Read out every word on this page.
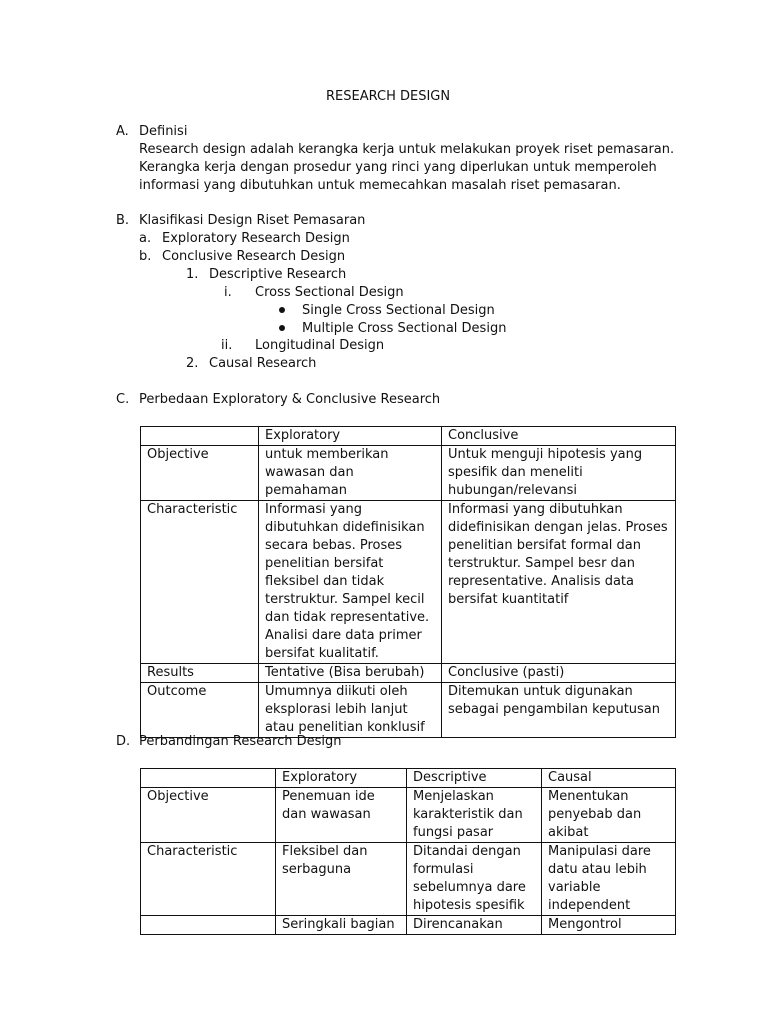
RESEARCH DESIGN
A. Definisi
Research design adalah kerangka kerja untuk melakukan proyek riset pemasaran.
Kerangka kerja dengan prosedur yang rinci yang diperlukan untuk memperoleh
informasi yang dibutuhkan untuk memecahkan masalah riset pemasaran.
B. Klasifikasi Design Riset Pemasaran
a. Exploratory Research Design
b. Conclusive Research Design
1. Descriptive Research
i. Cross Sectional Design
Single Cross Sectional Design
Multiple Cross Sectional Design
ii. Longitudinal Design
2. Causal Research
C. Perbedaan Exploratory & Conclusive Research
	Exploratory	Conclusive
Objective	untuk memberikan wawasan dan pemahaman	Untuk menguji hipotesis yang spesifik dan meneliti hubungan/relevansi
Characteristic	Informasi yang dibutuhkan didefinisikan secara bebas. Proses penelitian bersifat fleksibel dan tidak terstruktur. Sampel kecil dan tidak representative. Analisi dare data primer bersifat kualitatif.	Informasi yang dibutuhkan didefinisikan dengan jelas. Proses penelitian bersifat formal dan terstruktur. Sampel besr dan representative. Analisis data bersifat kuantitatif
Results	Tentative (Bisa berubah)	Conclusive (pasti)
Outcome	Umumnya diikuti oleh eksplorasi lebih lanjut atau penelitian konklusif	Ditemukan untuk digunakan sebagai pengambilan keputusan
D. Perbandingan Research Design
	Exploratory	Descriptive	Causal
Objective	Penemuan ide dan wawasan	Menjelaskan karakteristik dan fungsi pasar	Menentukan penyebab dan akibat
Characteristic	Fleksibel dan serbaguna	Ditandai dengan formulasi sebelumnya dare hipotesis spesifik	Manipulasi dare datu atau lebih variable independent
	Seringkali bagian	Direncanakan	Mengontrol
